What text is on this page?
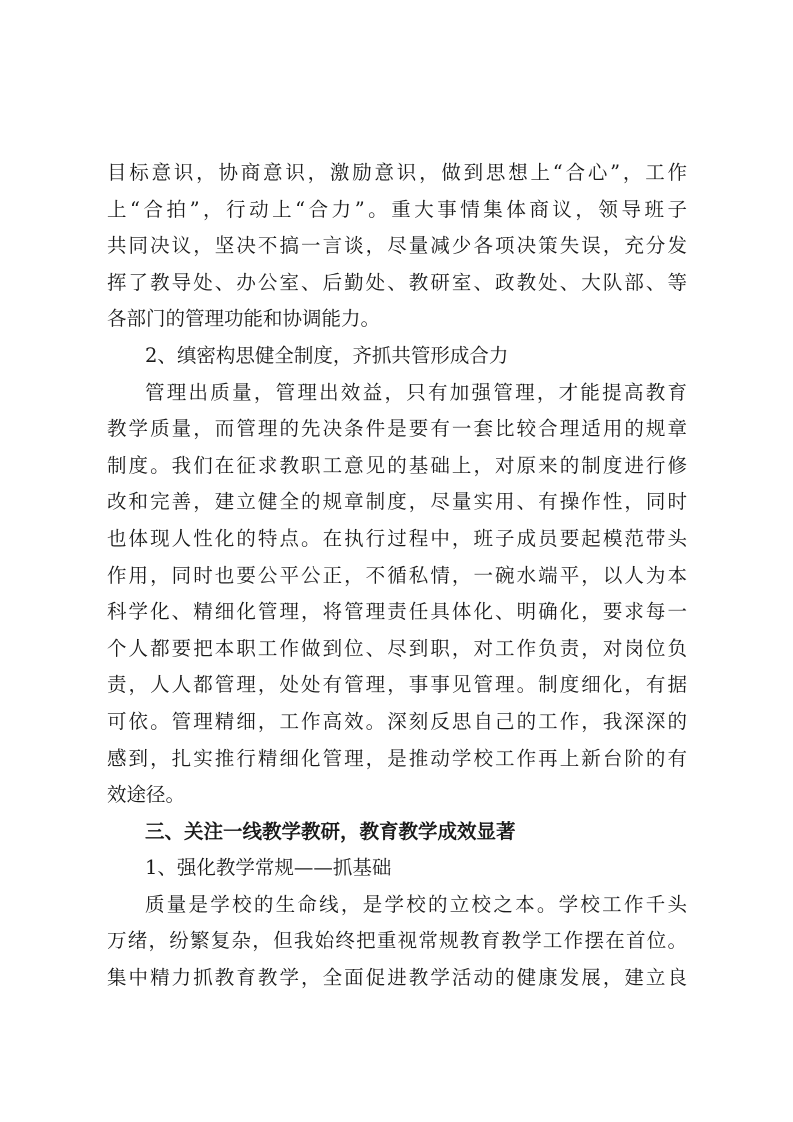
目标意识，协商意识，激励意识，做到思想上“合心”，工作
上“合拍”，行动上“合力”。重大事情集体商议，领导班子
共同决议，坚决不搞一言谈，尽量减少各项决策失误，充分发
挥了教导处、办公室、后勤处、教研室、政教处、大队部、等
各部门的管理功能和协调能力。
2、缜密构思健全制度，齐抓共管形成合力
管理出质量，管理出效益，只有加强管理，才能提高教育
教学质量，而管理的先决条件是要有一套比较合理适用的规章
制度。我们在征求教职工意见的基础上，对原来的制度进行修
改和完善，建立健全的规章制度，尽量实用、有操作性，同时
也体现人性化的特点。在执行过程中，班子成员要起模范带头
作用，同时也要公平公正，不循私情，一碗水端平，以人为本
科学化、精细化管理，将管理责任具体化、明确化，要求每一
个人都要把本职工作做到位、尽到职，对工作负责，对岗位负
责，人人都管理，处处有管理，事事见管理。制度细化，有据
可依。管理精细，工作高效。深刻反思自己的工作，我深深的
感到，扎实推行精细化管理，是推动学校工作再上新台阶的有
效途径。
三、关注一线教学教研，教育教学成效显著
1、强化教学常规——抓基础
质量是学校的生命线，是学校的立校之本。学校工作千头
万绪，纷繁复杂，但我始终把重视常规教育教学工作摆在首位。
集中精力抓教育教学，全面促进教学活动的健康发展，建立良
